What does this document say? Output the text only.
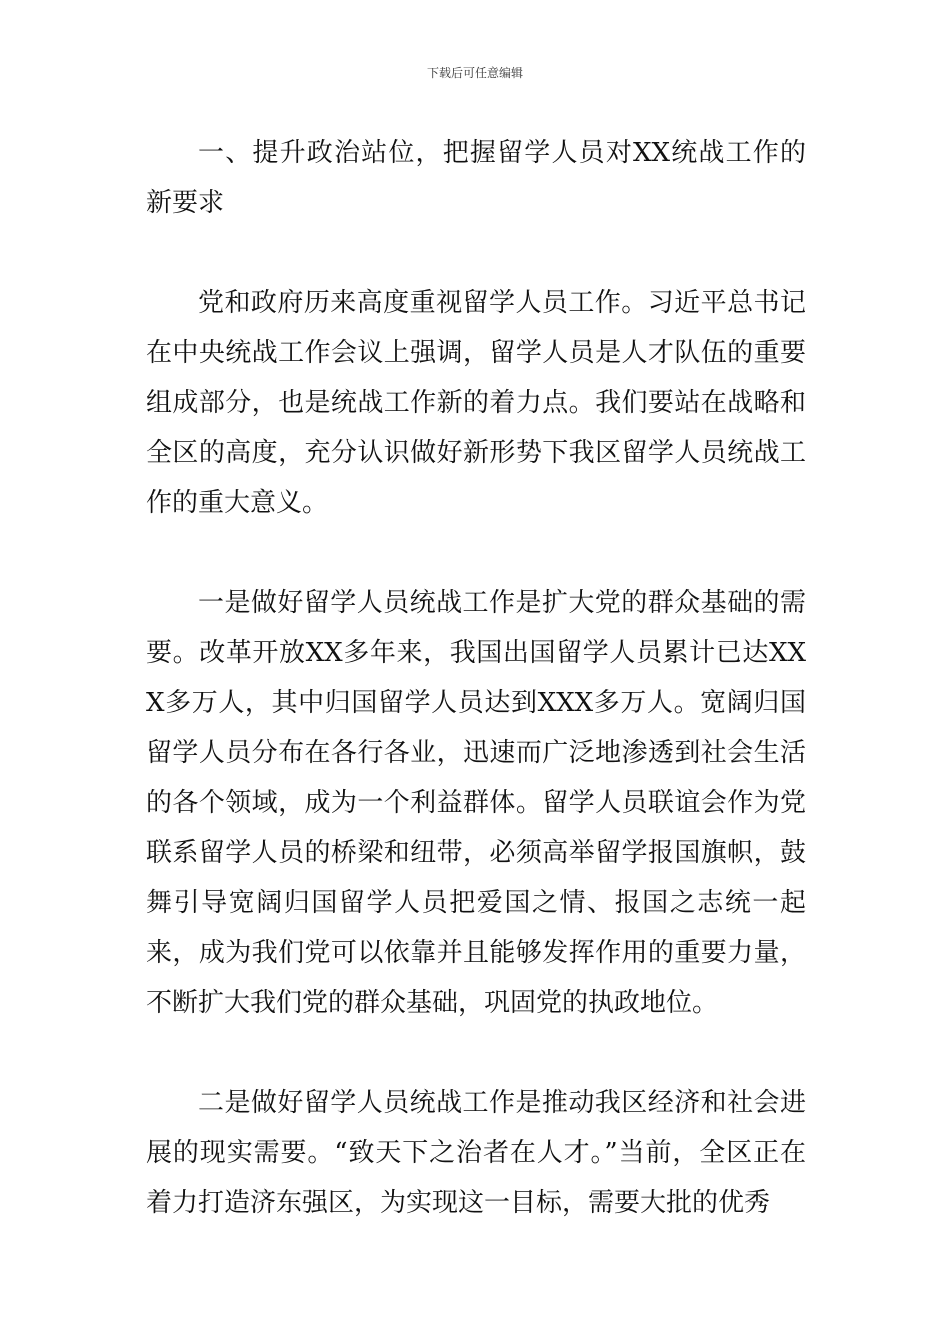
下载后可任意编辑

一、提升政治站位，把握留学人员对XX统战工作的新要求

党和政府历来高度重视留学人员工作。习近平总书记在中央统战工作会议上强调，留学人员是人才队伍的重要组成部分，也是统战工作新的着力点。我们要站在战略和全区的高度，充分认识做好新形势下我区留学人员统战工作的重大意义。

一是做好留学人员统战工作是扩大党的群众基础的需要。改革开放XX多年来，我国出国留学人员累计已达XXX多万人，其中归国留学人员达到XXX多万人。宽阔归国留学人员分布在各行各业，迅速而广泛地渗透到社会生活的各个领域，成为一个利益群体。留学人员联谊会作为党联系留学人员的桥梁和纽带，必须高举留学报国旗帜，鼓舞引导宽阔归国留学人员把爱国之情、报国之志统一起来，成为我们党可以依靠并且能够发挥作用的重要力量，不断扩大我们党的群众基础，巩固党的执政地位。

二是做好留学人员统战工作是推动我区经济和社会进展的现实需要。“致天下之治者在人才。”当前，全区正在着力打造济东强区，为实现这一目标，需要大批的优秀
